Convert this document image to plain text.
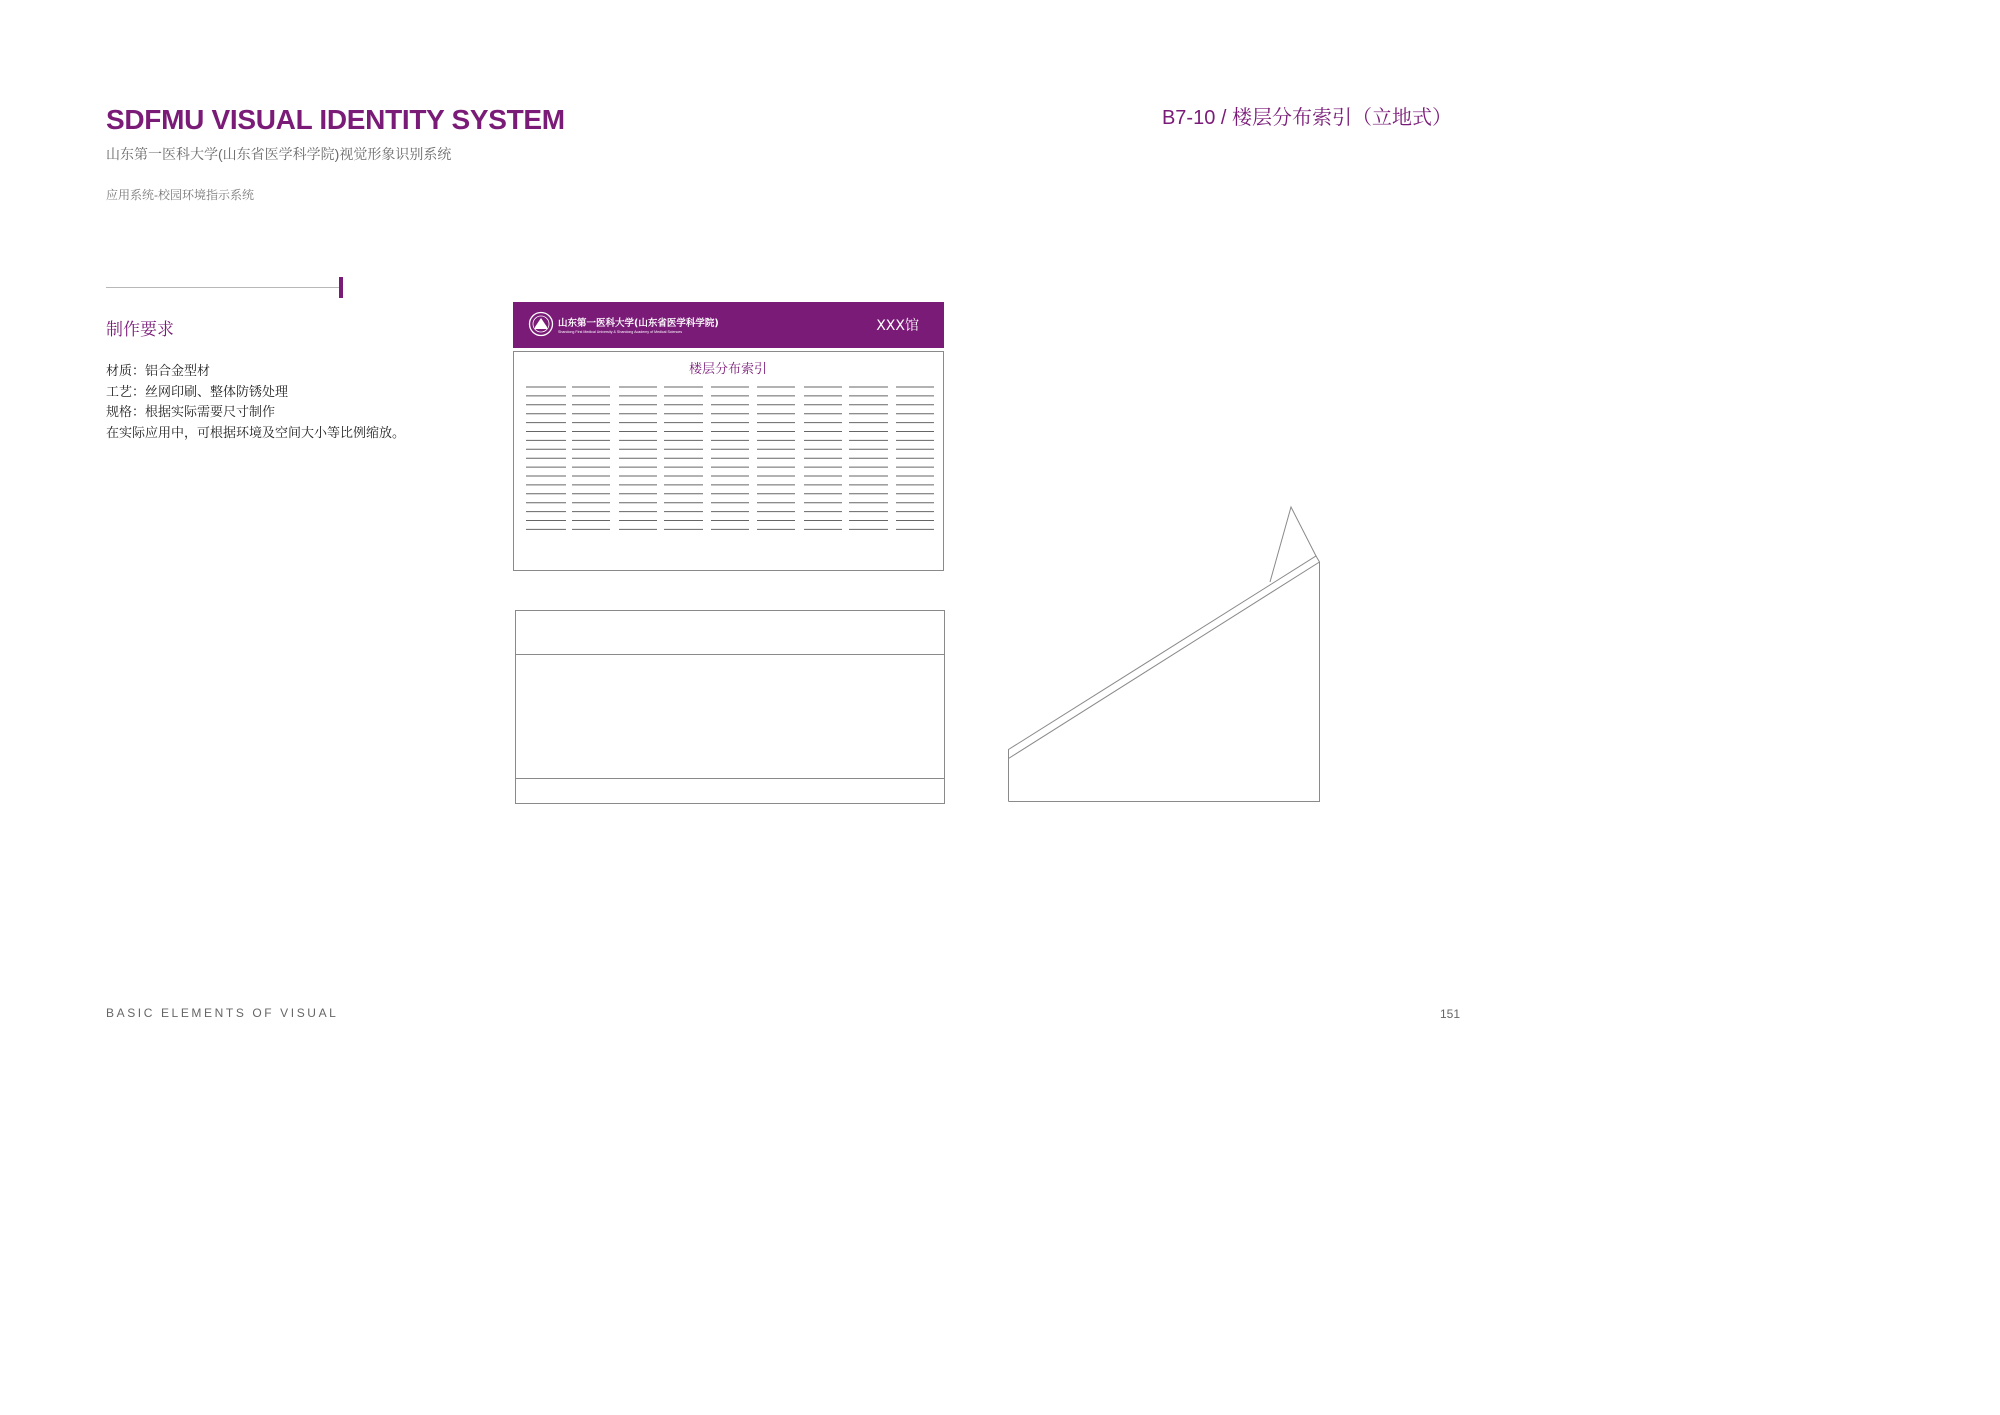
SDFMU VISUAL IDENTITY SYSTEM
山东第一医科大学(山东省医学科学院)视觉形象识别系统
应用系统-校园环境指示系统
B7-10 / 楼层分布索引（立地式）
制作要求
材质：铝合金型材
工艺：丝网印刷、整体防锈处理
规格：根据实际需要尺寸制作
在实际应用中，可根据环境及空间大小等比例缩放。
山东第一医科大学(山东省医学科学院)
Shandong First Medical University & Shandong Academy of Medical Sciences	XXX馆
楼层分布索引
BASIC ELEMENTS OF VISUAL	151
